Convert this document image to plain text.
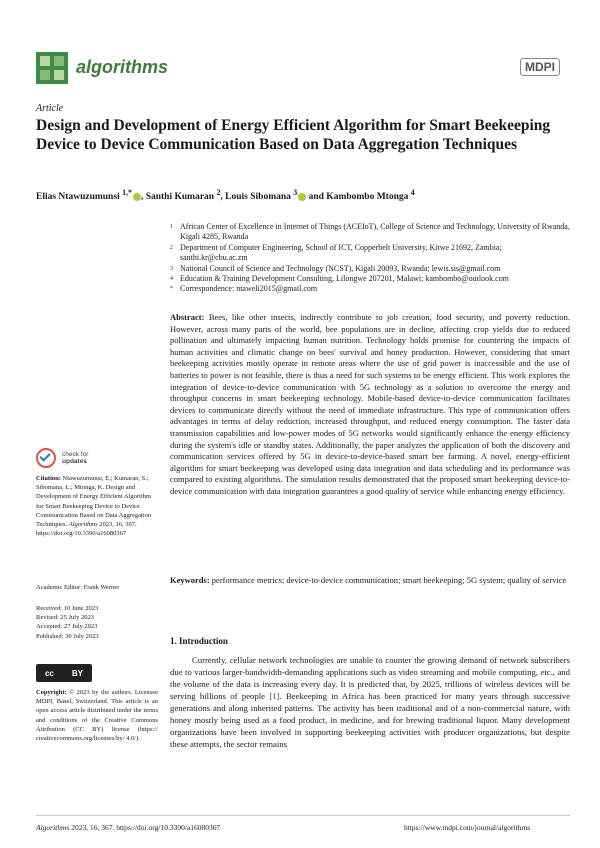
algorithms	MDPI
Article
Design and Development of Energy Efficient Algorithm for Smart Beekeeping Device to Device Communication Based on Data Aggregation Techniques
Elias Ntawuzumunsi $^{1,*}$ , Santhi Kumaran $^2$, Louis Sibomana $^3$ and Kambombo Mtonga $^4$
1 African Center of Excellence in Internet of Things (ACEIoT), College of Science and Technology, University of Rwanda, Kigali 4285, Rwanda
2 Department of Computer Engineering, School of ICT, Copperbelt University, Kitwe 21692, Zambia; santhi.kr@cbu.ac.zm
3 National Council of Science and Technology (NCST), Kigali 20093, Rwanda; lewis.sis@gmail.com
4 Education & Training Development Consulting, Lilongwe 207201, Malawi; kambombo@outlook.com
* Correspondence: ntaweli2015@gmail.com
Abstract: Bees, like other insects, indirectly contribute to job creation, food security, and poverty reduction. However, across many parts of the world, bee populations are in decline, affecting crop yields due to reduced pollination and ultimately impacting human nutrition. Technology holds promise for countering the impacts of human activities and climatic change on bees' survival and honey production. However, considering that smart beekeeping activities mostly operate in remote areas where the use of grid power is inaccessible and the use of batteries to power is not feasible, there is thus a need for such systems to be energy efficient. This work explores the integration of device-to-device communication with 5G technology as a solution to overcome the energy and throughput concerns in smart beekeeping technology. Mobile-based device-to-device communication facilitates devices to communicate directly without the need of immediate infrastructure. This type of communication offers advantages in terms of delay reduction, increased throughput, and reduced energy consumption. The faster data transmission capabilities and low-power modes of 5G networks would significantly enhance the energy efficiency during the system's idle or standby states. Additionally, the paper analyzes the application of both the discovery and communication services offered by 5G in device-to-device-based smart bee farming. A novel, energy-efficient algorithm for smart beekeeping was developed using data integration and data scheduling and its performance was compared to existing algorithms. The simulation results demonstrated that the proposed smart beekeeping device-to-device communication with data integration guarantees a good quality of service while enhancing energy efficiency.
Keywords: performance metrics; device-to-device communication; smart beekeeping; 5G system; quality of service
check for
updates
Citation: Ntawuzumunsi, E.; Kumaran, S.; Sibomana, L.; Mtonga, K. Design and Development of Energy Efficient Algorithm for Smart Beekeeping Device to Device Communication Based on Data Aggregation Techniques. Algorithms 2023, 16, 367. https://doi.org/10.3390/a16080367
Academic Editor: Frank Werner
Received: 10 June 2023
Revised: 25 July 2023
Accepted: 27 July 2023
Published: 30 July 2023
cc BY
Copyright: © 2023 by the authors. Licensee MDPI, Basel, Switzerland. This article is an open access article distributed under the terms and conditions of the Creative Commons Attribution (CC BY) license (https:// creativecommons.org/licenses/by/ 4.0/).
1. Introduction
Currently, cellular network technologies are unable to counter the growing demand of network subscribers due to various larger-bandwidth-demanding applications such as video streaming and mobile computing, etc., and the volume of the data is increasing every day. It is predicted that, by 2025, trillions of wireless devices will be serving billions of people [1]. Beekeeping in Africa has been practiced for many years through successive generations and along inherited patterns. The activity has been traditional and of a non-commercial nature, with honey mostly being used as a food product, in medicine, and for brewing traditional liquor. Many development organizations have been involved in supporting beekeeping activities with producer organizations, but despite these attempts, the sector remains
Algorithms 2023, 16, 367. https://doi.org/10.3390/a16080367	https://www.mdpi.com/journal/algorithms
